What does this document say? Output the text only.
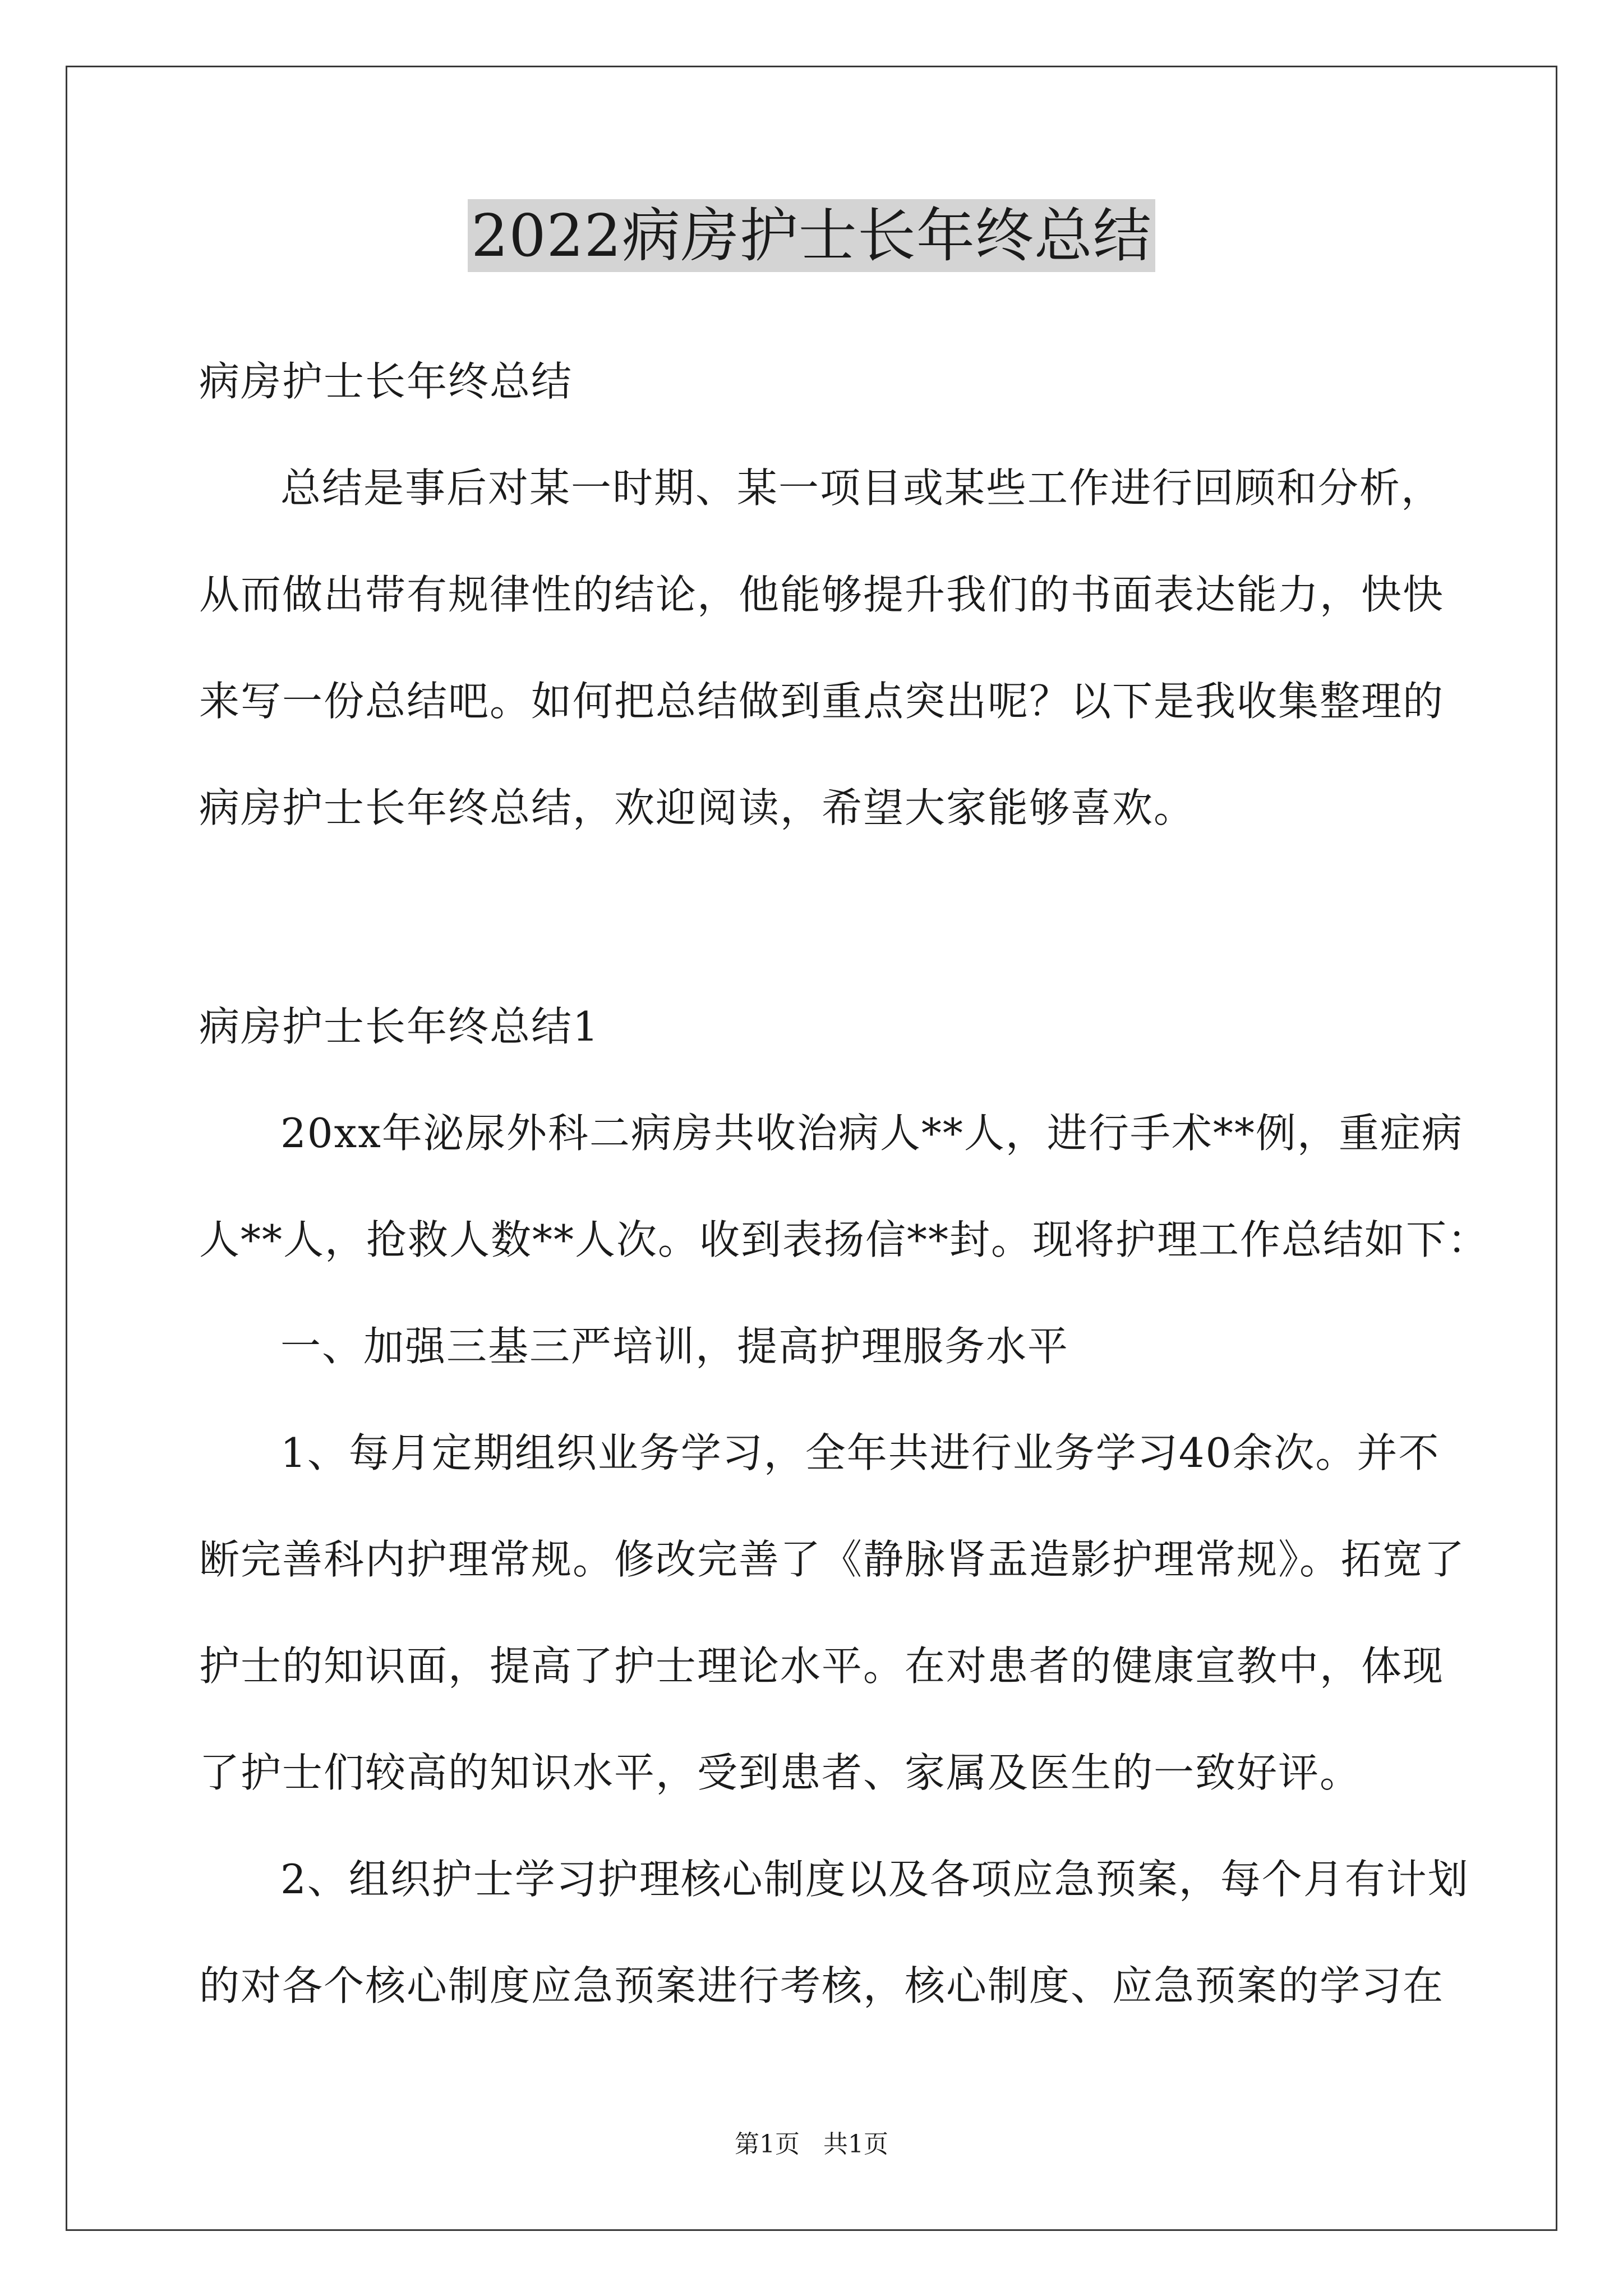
2022病房护士长年终总结
病房护士长年终总结
总结是事后对某一时期、某一项目或某些工作进行回顾和分析，
从而做出带有规律性的结论，他能够提升我们的书面表达能力，快快
来写一份总结吧。如何把总结做到重点突出呢？以下是我收集整理的
病房护士长年终总结，欢迎阅读，希望大家能够喜欢。
病房护士长年终总结1
20xx年泌尿外科二病房共收治病人**人，进行手术**例，重症病
人**人，抢救人数**人次。收到表扬信**封。现将护理工作总结如下：
一、加强三基三严培训，提高护理服务水平
1、每月定期组织业务学习，全年共进行业务学习40余次。并不
断完善科内护理常规。修改完善了《静脉肾盂造影护理常规》。拓宽了
护士的知识面，提高了护士理论水平。在对患者的健康宣教中，体现
了护士们较高的知识水平，受到患者、家属及医生的一致好评。
2、组织护士学习护理核心制度以及各项应急预案，每个月有计划
的对各个核心制度应急预案进行考核，核心制度、应急预案的学习在
第1页   共1页
